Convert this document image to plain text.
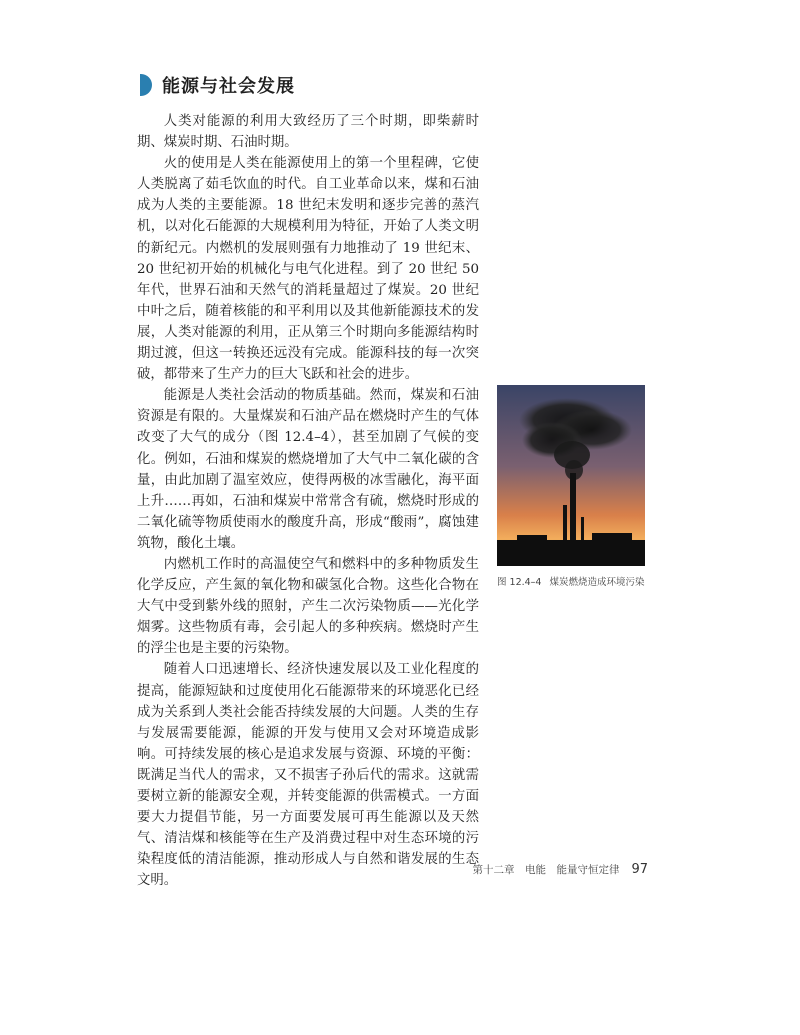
能源与社会发展

人类对能源的利用大致经历了三个时期，即柴薪时期、煤炭时期、石油时期。

火的使用是人类在能源使用上的第一个里程碑，它使人类脱离了茹毛饮血的时代。自工业革命以来，煤和石油成为人类的主要能源。18 世纪末发明和逐步完善的蒸汽机，以对化石能源的大规模利用为特征，开始了人类文明的新纪元。内燃机的发展则强有力地推动了 19 世纪末、20 世纪初开始的机械化与电气化进程。到了 20 世纪 50 年代，世界石油和天然气的消耗量超过了煤炭。20 世纪中叶之后，随着核能的和平利用以及其他新能源技术的发展，人类对能源的利用，正从第三个时期向多能源结构时期过渡，但这一转换还远没有完成。能源科技的每一次突破，都带来了生产力的巨大飞跃和社会的进步。

能源是人类社会活动的物质基础。然而，煤炭和石油资源是有限的。大量煤炭和石油产品在燃烧时产生的气体改变了大气的成分（图 12.4–4），甚至加剧了气候的变化。例如，石油和煤炭的燃烧增加了大气中二氧化碳的含量，由此加剧了温室效应，使得两极的冰雪融化，海平面上升……再如，石油和煤炭中常常含有硫，燃烧时形成的二氧化硫等物质使雨水的酸度升高，形成“酸雨”，腐蚀建筑物，酸化土壤。

内燃机工作时的高温使空气和燃料中的多种物质发生化学反应，产生氮的氧化物和碳氢化合物。这些化合物在大气中受到紫外线的照射，产生二次污染物质——光化学烟雾。这些物质有毒，会引起人的多种疾病。燃烧时产生的浮尘也是主要的污染物。

随着人口迅速增长、经济快速发展以及工业化程度的提高，能源短缺和过度使用化石能源带来的环境恶化已经成为关系到人类社会能否持续发展的大问题。人类的生存与发展需要能源，能源的开发与使用又会对环境造成影响。可持续发展的核心是追求发展与资源、环境的平衡：既满足当代人的需求，又不损害子孙后代的需求。这就需要树立新的能源安全观，并转变能源的供需模式。一方面要大力提倡节能，另一方面要发展可再生能源以及天然气、清洁煤和核能等在生产及消费过程中对生态环境的污染程度低的清洁能源，推动形成人与自然和谐发展的生态文明。

图 12.4–4 煤炭燃烧造成环境污染
第十二章　电能　能量守恒定律 97
